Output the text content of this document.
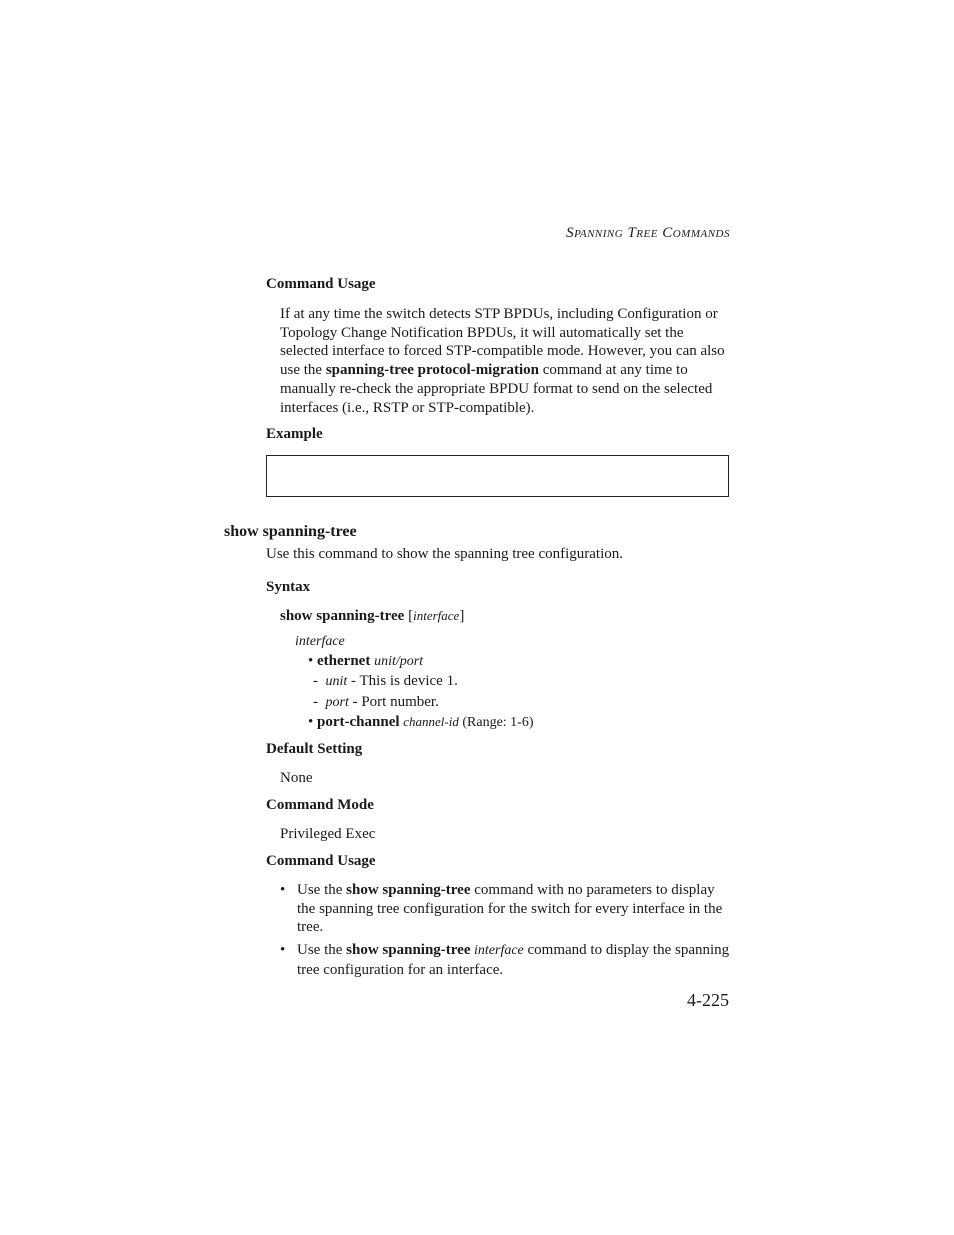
Spanning Tree Commands
Command Usage

If at any time the switch detects STP BPDUs, including Configuration or Topology Change Notification BPDUs, it will automatically set the selected interface to forced STP-compatible mode. However, you can also use the spanning-tree protocol-migration command at any time to manually re-check the appropriate BPDU format to send on the selected interfaces (i.e., RSTP or STP-compatible).

Example
show spanning-tree
Use this command to show the spanning tree configuration.
Syntax
show spanning-tree [interface]
interface
• ethernet unit/port
- unit - This is device 1.
- port - Port number.
• port-channel channel-id (Range: 1-6)
Default Setting
None
Command Mode
Privileged Exec
Command Usage
• Use the show spanning-tree command with no parameters to display the spanning tree configuration for the switch for every interface in the tree.
• Use the show spanning-tree interface command to display the spanning tree configuration for an interface.
4-225
